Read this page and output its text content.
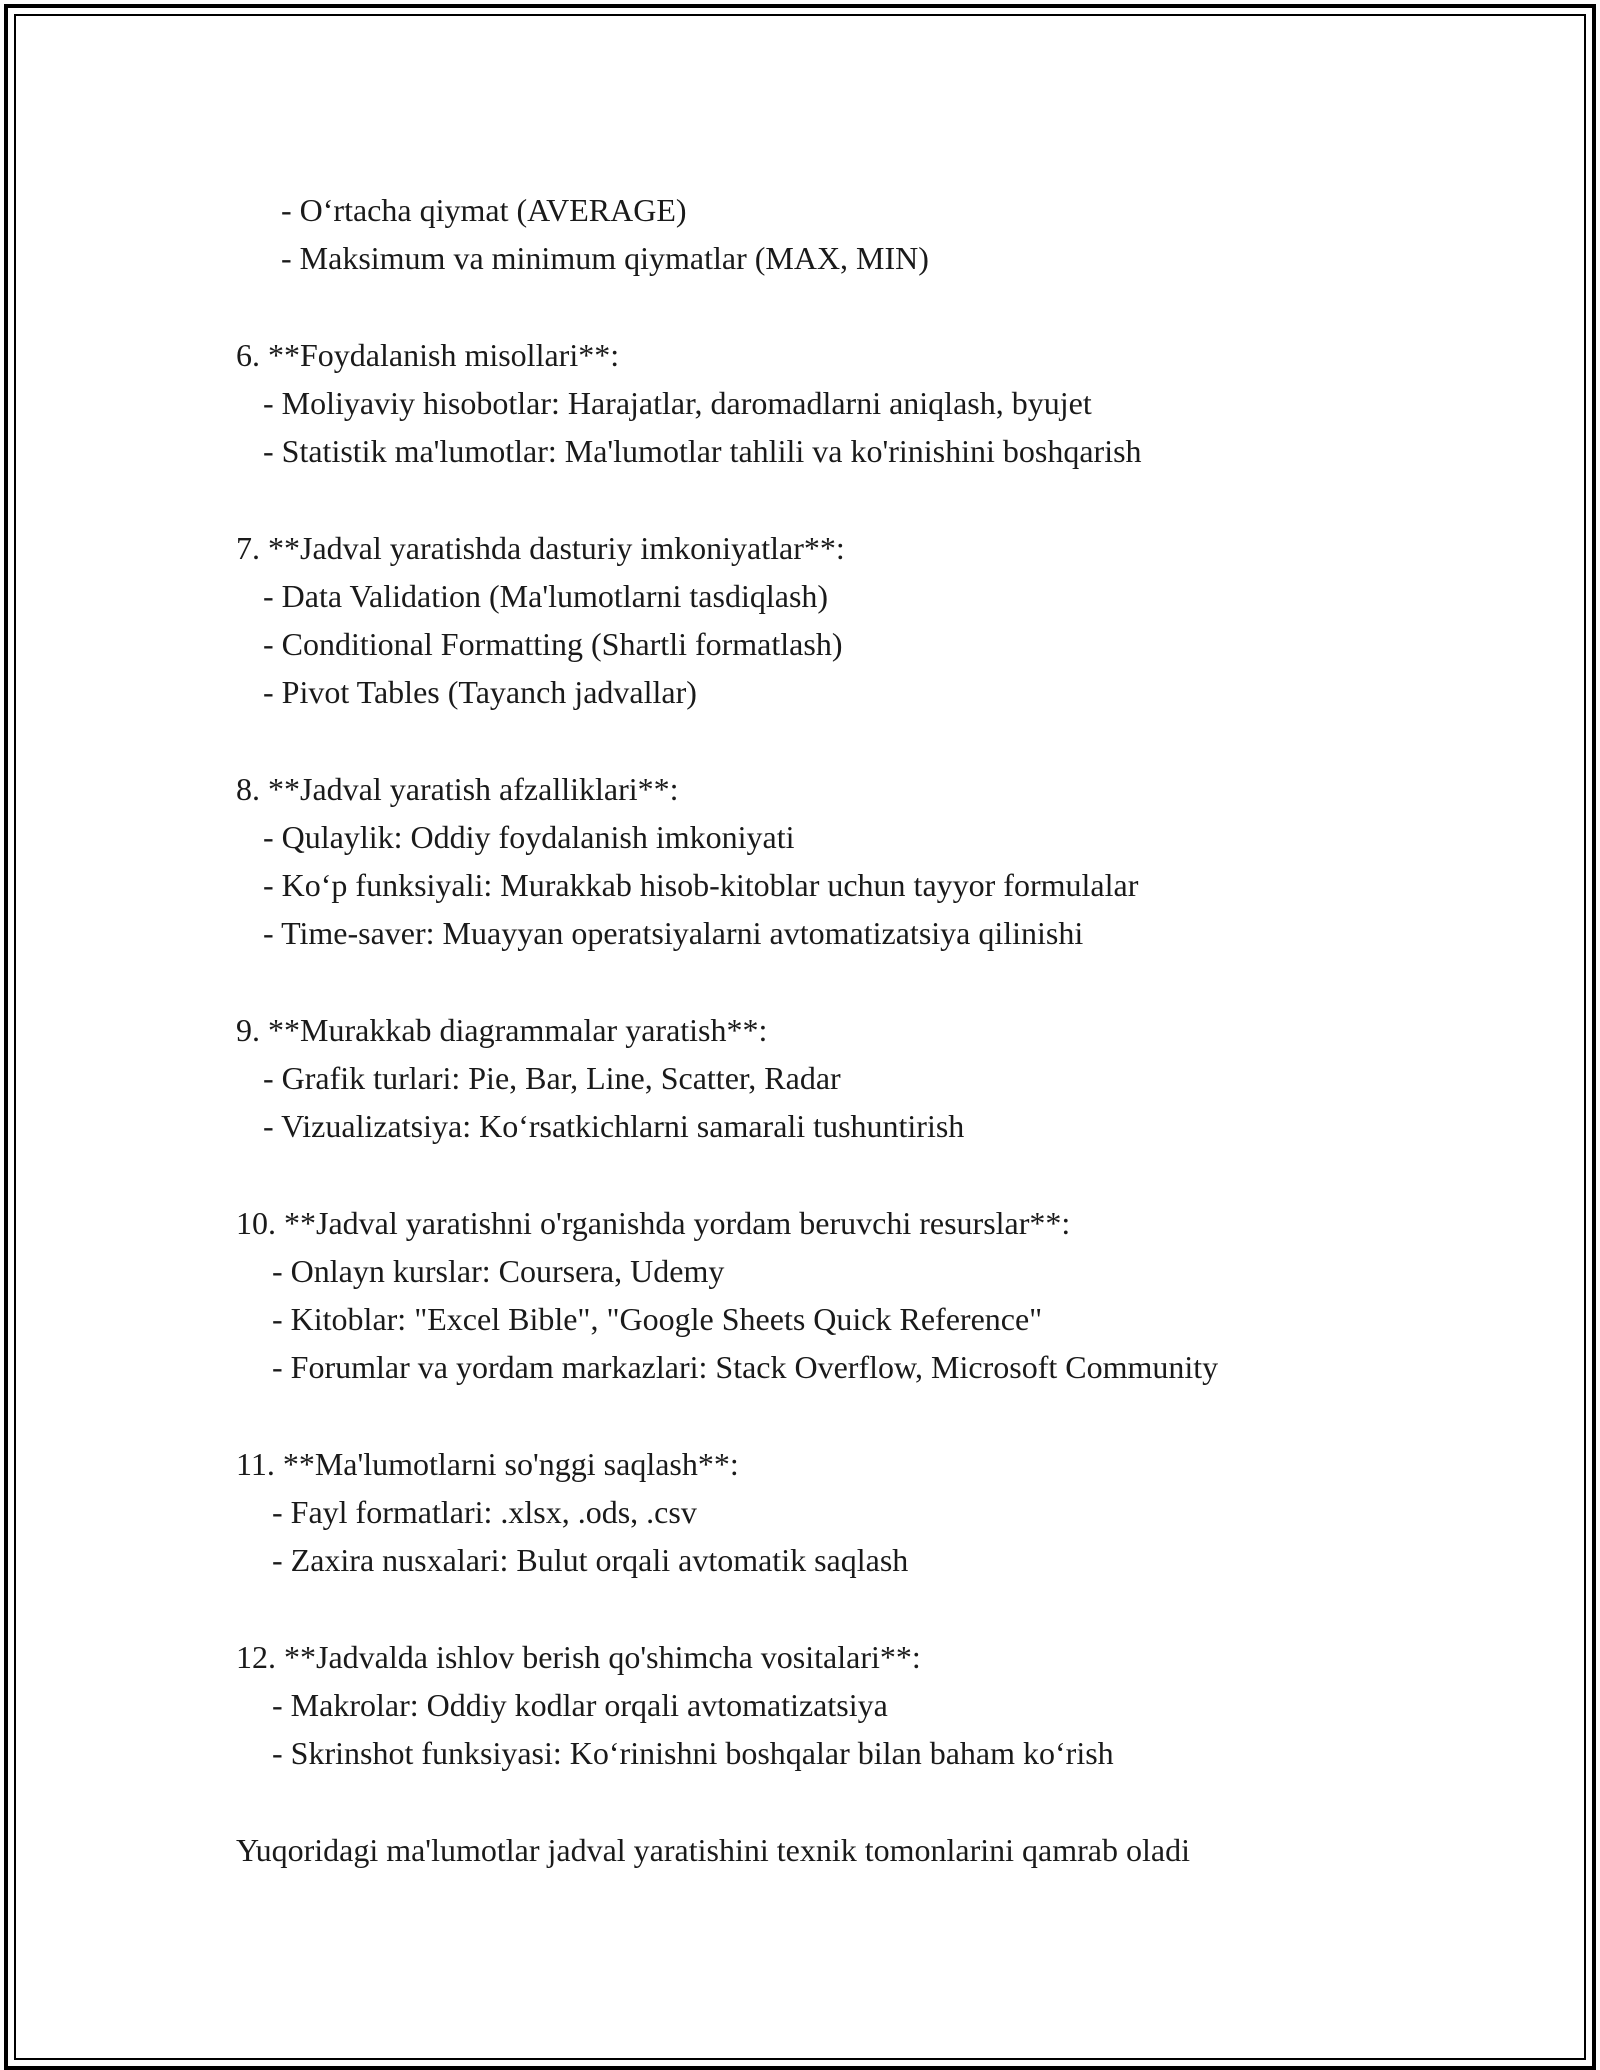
- O‘rtacha qiymat (AVERAGE)
- Maksimum va minimum qiymatlar (MAX, MIN)
6. **Foydalanish misollari**:
- Moliyaviy hisobotlar: Harajatlar, daromadlarni aniqlash, byujet
- Statistik ma'lumotlar: Ma'lumotlar tahlili va ko'rinishini boshqarish
7. **Jadval yaratishda dasturiy imkoniyatlar**:
- Data Validation (Ma'lumotlarni tasdiqlash)
- Conditional Formatting (Shartli formatlash)
- Pivot Tables (Tayanch jadvallar)
8. **Jadval yaratish afzalliklari**:
- Qulaylik: Oddiy foydalanish imkoniyati
- Ko‘p funksiyali: Murakkab hisob-kitoblar uchun tayyor formulalar
- Time-saver: Muayyan operatsiyalarni avtomatizatsiya qilinishi
9. **Murakkab diagrammalar yaratish**:
- Grafik turlari: Pie, Bar, Line, Scatter, Radar
- Vizualizatsiya: Ko‘rsatkichlarni samarali tushuntirish
10. **Jadval yaratishni o'rganishda yordam beruvchi resurslar**:
- Onlayn kurslar: Coursera, Udemy
- Kitoblar: "Excel Bible", "Google Sheets Quick Reference"
- Forumlar va yordam markazlari: Stack Overflow, Microsoft Community
11. **Ma'lumotlarni so'nggi saqlash**:
- Fayl formatlari: .xlsx, .ods, .csv
- Zaxira nusxalari: Bulut orqali avtomatik saqlash
12. **Jadvalda ishlov berish qo'shimcha vositalari**:
- Makrolar: Oddiy kodlar orqali avtomatizatsiya
- Skrinshot funksiyasi: Ko‘rinishni boshqalar bilan baham ko‘rish
Yuqoridagi ma'lumotlar jadval yaratishini texnik tomonlarini qamrab oladi
